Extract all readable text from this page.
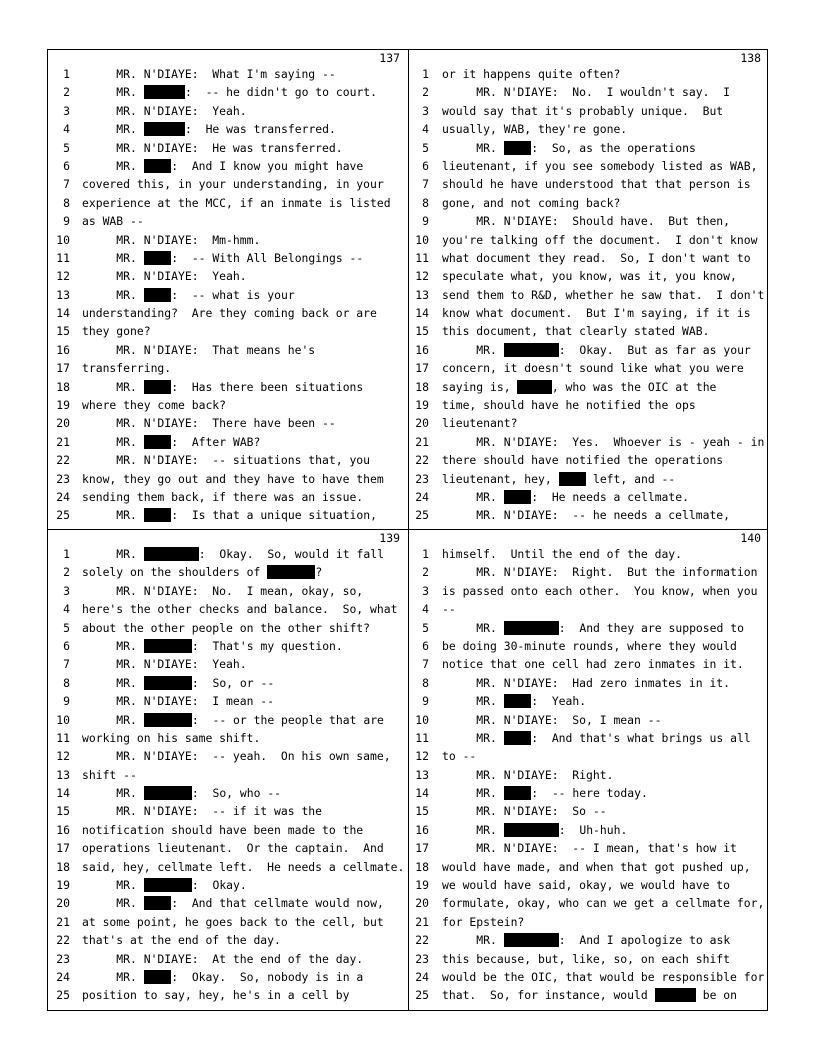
137
1 MR. N'DIAYE:  What I'm saying --
2 MR.	:  -- he didn't go to court.
3 MR. N'DIAYE:  Yeah.
4 MR.	:  He was transferred.
5 MR. N'DIAYE:  He was transferred.
6 MR. :  And I know you might have
7 covered this, in your understanding, in your
8 experience at the MCC, if an inmate is listed
9 as WAB --
10 MR. N'DIAYE:  Mm-hmm.
11 MR. :  -- With All Belongings --
12 MR. N'DIAYE:  Yeah.
13 MR. :  -- what is your
14 understanding?  Are they coming back or are
15 they gone?
16 MR. N'DIAYE:  That means he's
17 transferring.
18 MR. :  Has there been situations
19 where they come back?
20 MR. N'DIAYE:  There have been --
21 MR. :  After WAB?
22 MR. N'DIAYE:  -- situations that, you
23 know, they go out and they have to have them
24 sending them back, if there was an issue.
25 MR. :  Is that a unique situation,
138
1 or it happens quite often?
2 MR. N'DIAYE:  No.  I wouldn't say.  I
3 would say that it's probably unique.  But
4 usually, WAB, they're gone.
5 MR. :  So, as the operations
6 lieutenant, if you see somebody listed as WAB,
7 should he have understood that that person is
8 gone, and not coming back?
9 MR. N'DIAYE:  Should have.  But then,
10 you're talking off the document.  I don't know
11 what document they read.  So, I don't want to
12 speculate what, you know, was it, you know,
13 send them to R&D, whether he saw that.  I don't
14 know what document.  But I'm saying, if it is
15 this document, that clearly stated WAB.
16 MR.	:  Okay.  But as far as your
17 concern, it doesn't sound like what you were
18 saying is,	, who was the OIC at the
19 time, should have he notified the ops
20 lieutenant?
21 MR. N'DIAYE:  Yes.  Whoever is - yeah - in
22 there should have notified the operations
23 lieutenant, hey,  left, and --
24 MR. :  He needs a cellmate.
25 MR. N'DIAYE:  -- he needs a cellmate,
139
1 MR.	:  Okay.  So, would it fall
2 solely on the shoulders of	?
3 MR. N'DIAYE:  No.  I mean, okay, so,
4 here's the other checks and balance.  So, what
5 about the other people on the other shift?
6 MR.	:  That's my question.
7 MR. N'DIAYE:  Yeah.
8 MR.	:  So, or --
9 MR. N'DIAYE:  I mean --
10 MR.	:  -- or the people that are
11 working on his same shift.
12 MR. N'DIAYE:  -- yeah.  On his own same,
13 shift --
14 MR.	:  So, who --
15 MR. N'DIAYE:  -- if it was the
16 notification should have been made to the
17 operations lieutenant.  Or the captain.  And
18 said, hey, cellmate left.  He needs a cellmate.
19 MR.	:  Okay.
20 MR. :  And that cellmate would now,
21 at some point, he goes back to the cell, but
22 that's at the end of the day.
23 MR. N'DIAYE:  At the end of the day.
24 MR. :  Okay.  So, nobody is in a
25 position to say, hey, he's in a cell by
140
1 himself.  Until the end of the day.
2 MR. N'DIAYE:  Right.  But the information
3 is passed onto each other.  You know, when you
4 --
5 MR.	:  And they are supposed to
6 be doing 30-minute rounds, where they would
7 notice that one cell had zero inmates in it.
8 MR. N'DIAYE:  Had zero inmates in it.
9 MR. :  Yeah.
10 MR. N'DIAYE:  So, I mean --
11 MR. :  And that's what brings us all
12 to --
13 MR. N'DIAYE:  Right.
14 MR. :  -- here today.
15 MR. N'DIAYE:  So --
16 MR.	:  Uh-huh.
17 MR. N'DIAYE:  -- I mean, that's how it
18 would have made, and when that got pushed up,
19 we would have said, okay, we would have to
20 formulate, okay, who can we get a cellmate for,
21 for Epstein?
22 MR.	:  And I apologize to ask
23 this because, but, like, so, on each shift
24 would be the OIC, that would be responsible for
25 that.  So, for instance, would	be on
